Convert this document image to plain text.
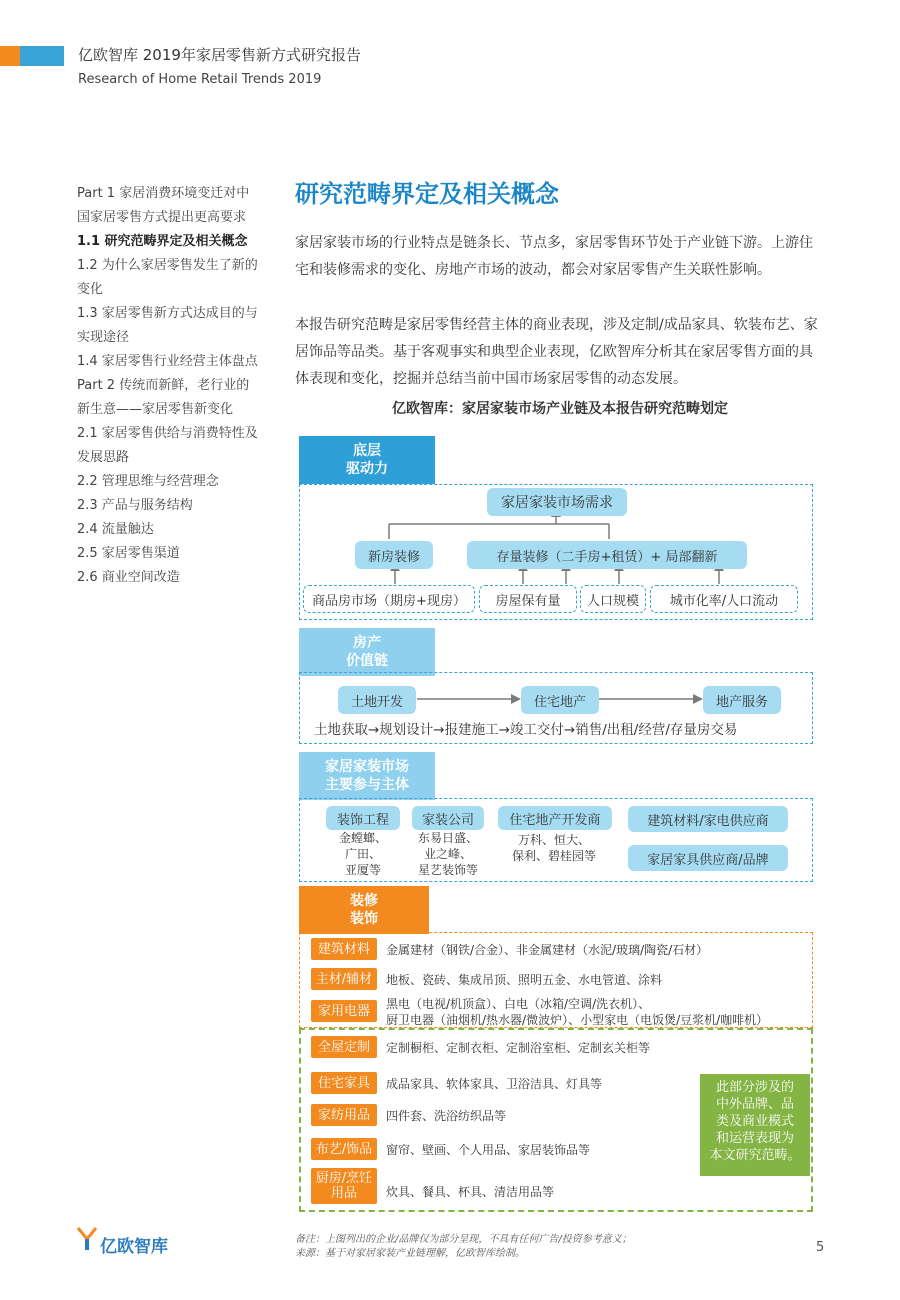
亿欧智库 2019年家居零售新方式研究报告
Research of Home Retail Trends 2019
Part 1 家居消费环境变迁对中
国家居零售方式提出更高要求
1.1 研究范畴界定及相关概念
1.2 为什么家居零售发生了新的
变化
1.3 家居零售新方式达成目的与
实现途径
1.4 家居零售行业经营主体盘点
Part 2 传统而新鲜，老行业的
新生意——家居零售新变化
2.1 家居零售供给与消费特性及
发展思路
2.2 管理思维与经营理念
2.3 产品与服务结构
2.4 流量触达
2.5 家居零售渠道
2.6 商业空间改造
研究范畴界定及相关概念
家居家装市场的行业特点是链条长、节点多，家居零售环节处于产业链下游。上游住宅和装修需求的变化、房地产市场的波动，都会对家居零售产生关联性影响。
本报告研究范畴是家居零售经营主体的商业表现，涉及定制/成品家具、软装布艺、家居饰品等品类。基于客观事实和典型企业表现，亿欧智库分析其在家居零售方面的具体表现和变化，挖掘并总结当前中国市场家居零售的动态发展。
亿欧智库：家居家装市场产业链及本报告研究范畴划定
底层
驱动力
家居家装市场需求
新房装修	存量装修（二手房+租赁）+ 局部翻新
商品房市场（期房+现房）	房屋保有量	人口规模	城市化率/人口流动
房产
价值链
土地开发	住宅地产	地产服务
土地获取→规划设计→报建施工→竣工交付→销售/出租/经营/存量房交易
家居家装市场
主要参与主体
装饰工程
金螳螂、
广田、
亚厦等
家装公司
东易日盛、
业之峰、
星艺装饰等
住宅地产开发商
万科、恒大、
保利、碧桂园等
建筑材料/家电供应商
家居家具供应商/品牌
装修
装饰
建筑材料	金属建材（钢铁/合金）、非金属建材（水泥/玻璃/陶瓷/石材）
主材/辅材	地板、瓷砖、集成吊顶、照明五金、水电管道、涂料
家用电器	黑电（电视/机顶盒）、白电（冰箱/空调/洗衣机）、
厨卫电器（油烟机/热水器/微波炉）、小型家电（电饭煲/豆浆机/咖啡机）
全屋定制	定制橱柜、定制衣柜、定制浴室柜、定制玄关柜等
住宅家具	成品家具、软体家具、卫浴洁具、灯具等
家纺用品	四件套、洗浴纺织品等
布艺/饰品	窗帘、壁画、个人用品、家居装饰品等
厨房/烹饪
用品 炊具、餐具、杯具、清洁用品等
此部分涉及的
中外品牌、品
类及商业模式
和运营表现为
本文研究范畴。
亿欧智库	备注：上图列出的企业/品牌仅为部分呈现，不具有任何广告/投资参考意义；
来源：基于对家居家装产业链理解，亿欧智库绘制。	5
